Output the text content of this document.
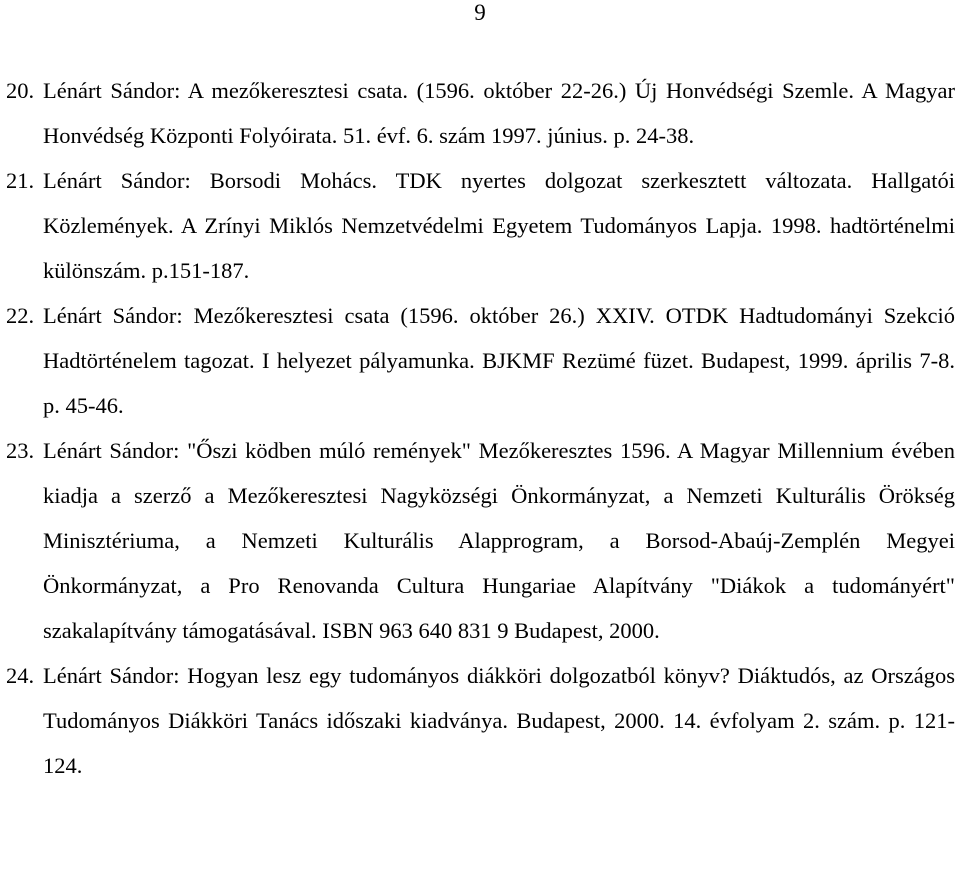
9
20. Lénárt Sándor: A mezőkeresztesi csata. (1596. október 22-26.) Új Honvédségi Szemle. A Magyar Honvédség Központi Folyóirata. 51. évf. 6. szám 1997. június. p. 24-38.
21. Lénárt Sándor: Borsodi Mohács. TDK nyertes dolgozat szerkesztett változata. Hallgatói Közlemények. A Zrínyi Miklós Nemzetvédelmi Egyetem Tudományos Lapja. 1998. hadtörténelmi különszám. p.151-187.
22. Lénárt Sándor: Mezőkeresztesi csata (1596. október 26.) XXIV. OTDK Hadtudományi Szekció Hadtörténelem tagozat. I helyezet pályamunka. BJKMF Rezümé füzet. Budapest, 1999. április 7-8. p. 45-46.
23. Lénárt Sándor: "Őszi ködben múló remények" Mezőkeresztes 1596. A Magyar Millennium évében kiadja a szerző a Mezőkeresztesi Nagyközségi Önkormányzat, a Nemzeti Kulturális Örökség Minisztériuma, a Nemzeti Kulturális Alapprogram, a Borsod-Abaúj-Zemplén Megyei Önkormányzat, a Pro Renovanda Cultura Hungariae Alapítvány "Diákok a tudományért" szakalapítvány támogatásával. ISBN 963 640 831 9 Budapest, 2000.
24. Lénárt Sándor: Hogyan lesz egy tudományos diákköri dolgozatból könyv? Diáktudós, az Országos Tudományos Diákköri Tanács időszaki kiadványa. Budapest, 2000. 14. évfolyam 2. szám. p. 121-124.
